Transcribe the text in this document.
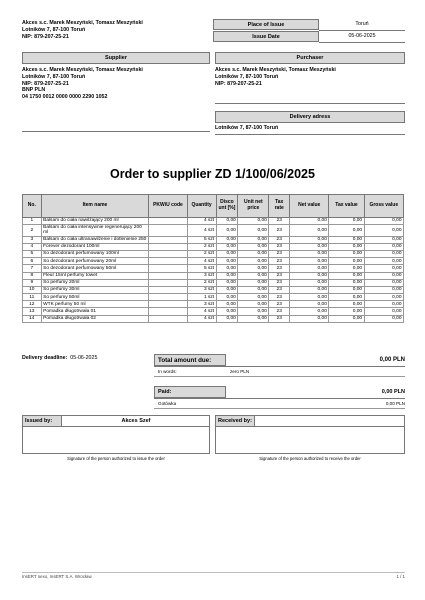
Akces s.c. Marek Meszyński, Tomasz Meszyński
Lotników 7, 87-100 Toruń
NIP: 879-207-25-21
Place of Issue	Toruń
Issue Date	05-06-2025
Supplier
Akces s.c. Marek Meszyński, Tomasz Meszyński
Lotników 7, 87-100 Toruń
NIP: 879-207-25-21
BNP PLN
04 1750 0012 0000 0000 2290 1052
Purchaser
Akces s.c. Marek Meszyński, Tomasz Meszyński
Lotników 7, 87-100 Toruń
NIP: 879-207-25-21
Delivery adress
Lotników 7, 87-100 Toruń
Order to supplier ZD 1/100/06/2025
No.	Item name	PKWiU code	Quantity	Disco unt [%]	Unit net price	Tax rate	Net value	Tax value	Gross value
1	Balsam do ciała nawilżający 200 ml		4 szt	0,00	0,00	23	0,00	0,00	0,00
2	Balsam do ciała intensywnie regenerujący 200 ml		4 szt	0,00	0,00	23	0,00	0,00	0,00
3	Balsam do ciała ultranawilżenie i dotlenienie 250		5 szt	0,00	0,00	23	0,00	0,00	0,00
4	Forever dezodorant 100ml		2 szt	0,00	0,00	23	0,00	0,00	0,00
5	So dezodorant perfumowany 100ml		2 szt	0,00	0,00	23	0,00	0,00	0,00
6	So dezodorant perfumowany 20ml		4 szt	0,00	0,00	23	0,00	0,00	0,00
7	So dezodorant perfumowany 50ml		5 szt	0,00	0,00	23	0,00	0,00	0,00
8	Fleur 15ml perfumy towet		3 szt	0,00	0,00	23	0,00	0,00	0,00
9	So perfumy 20ml		2 szt	0,00	0,00	23	0,00	0,00	0,00
10	So perfumy 30ml		3 szt	0,00	0,00	23	0,00	0,00	0,00
11	So perfumy 50ml		1 szt	0,00	0,00	23	0,00	0,00	0,00
12	WTK perfumy 50 ml		3 szt	0,00	0,00	23	0,00	0,00	0,00
13	Pomadka długotrwała 01		4 szt	0,00	0,00	23	0,00	0,00	0,00
14	Pomadka długotrwała 02		4 szt	0,00	0,00	23	0,00	0,00	0,00
Delivery deadline: 05-06-2025	Total amount due:	0,00 PLN
In words:	zero PLN
Paid:	0,00 PLN
Gotówka	0,00 PLN
Issued by:	Akces Szef
Signature of the person authorized to issue the order
Received by:
Signature of the person authorized to receive the order
InsERT nexo, InsERT S.A. Wrocław	1 / 1
